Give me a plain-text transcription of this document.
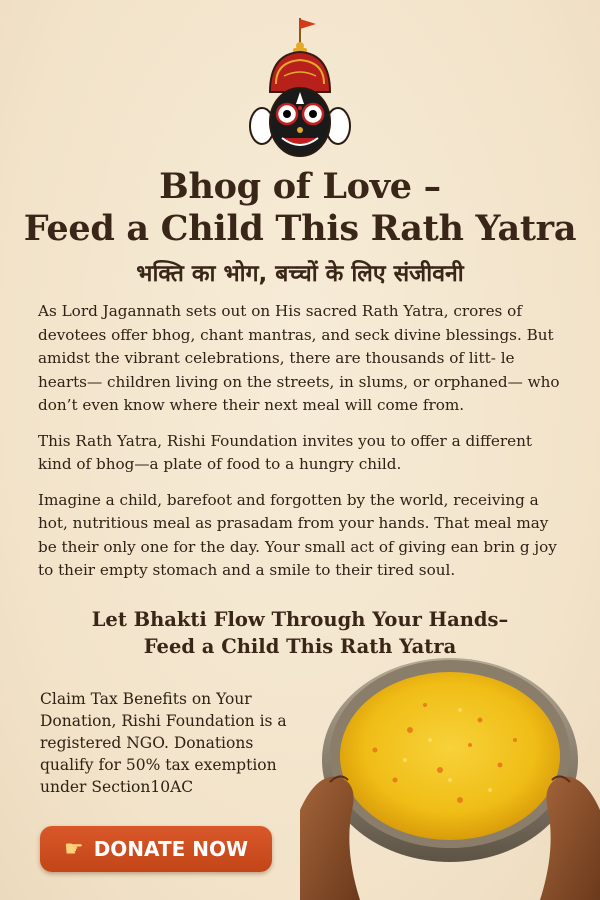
Bhog of Love –
Feed a Child This Rath Yatra
भक्ति का भोग, बच्चों के लिए संजीवनी

As Lord Jagannath sets out on His sacred Rath Yatra, crores of devotees offer bhog, chant mantras, and seck divine blessings. But amidst the vibrant celebrations, there are thousands of litt- le hearts— children living on the streets, in slums, or orphaned— who don’t even know where their next meal will come from.

This Rath Yatra, Rishi Foundation invites you to offer a different kind of bhog—a plate of food to a hungry child.

Imagine a child, barefoot and forgotten by the world, receiving a hot, nutritious meal as prasadam from your hands. That meal may be their only one for the day. Your small act of giving ean brin g joy to their empty stomach and a smile to their tired soul.

Let Bhakti Flow Through Your Hands–
Feed a Child This Rath Yatra
Claim Tax Benefits on Your Donation, Rishi Foundation is a registered NGO. Donations qualify for 50% tax exemption under Section10AC
☛ DONATE NOW
